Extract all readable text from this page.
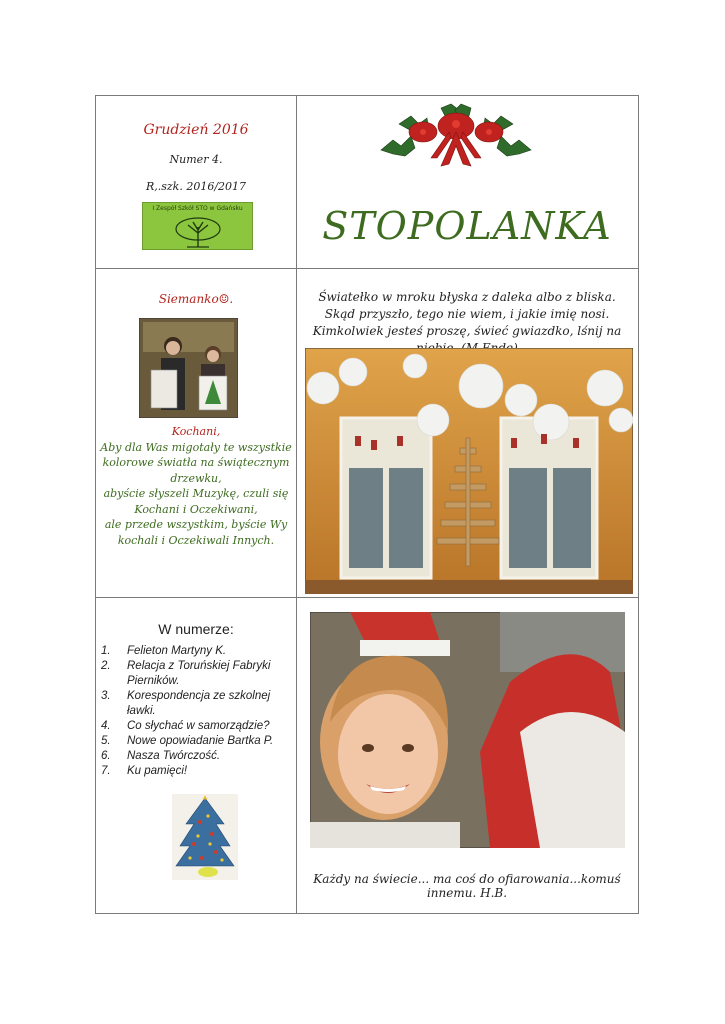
Grudzień 2016
Numer 4.
R,.szk. 2016/2017
I Zespół Szkół STO w Gdańsku	STOPOLANKA
Siemanko☺.
Kochani,
Aby dla Was migotały te wszystkie kolorowe światła na świątecznym drzewku,
abyście słyszeli Muzykę, czuli się Kochani i Oczekiwani,
ale przede wszystkim, byście Wy kochali i Oczekiwali Innych.
Światełko w mroku błyska z daleka albo z bliska. Skąd przyszło, tego nie wiem, i jakie imię nosi. Kimkolwiek jesteś proszę, świeć gwiazdko, lśnij na
W numerze:
1. Felieton Martyny K.
2. Relacja z Toruńskiej Fabryki Pierników.
3. Korespondencja ze szkolnej ławki.
4. Co słychać w samorządzie?
5. Nowe opowiadanie Bartka P.
6. Nasza Twórczość.
7. Ku pamięci!
Każdy na świecie... ma coś do ofiarowania...komuś innemu. H.B.
